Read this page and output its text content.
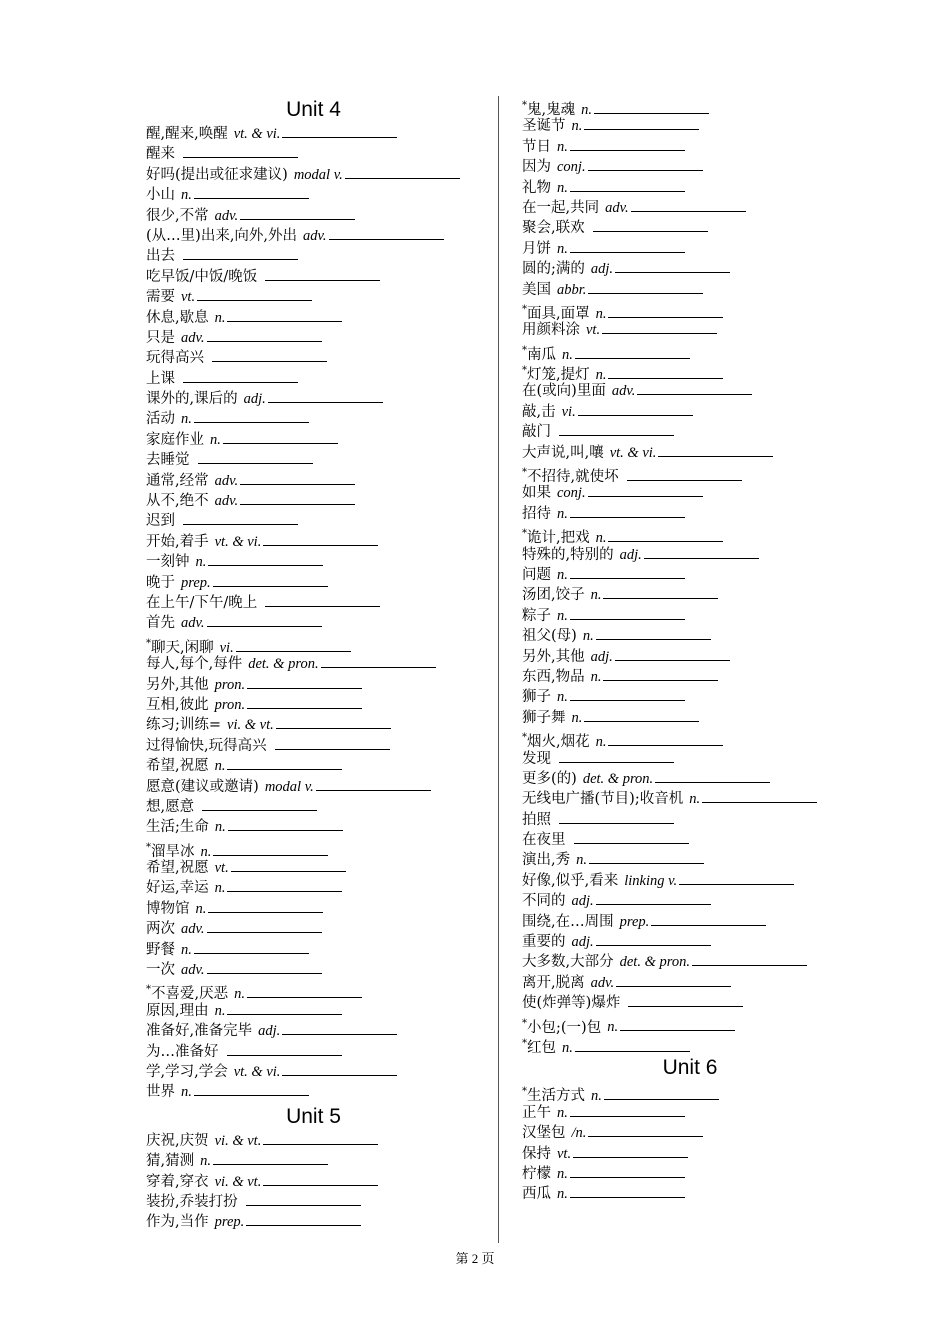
Unit 4
醒,醒来,唤醒 vt. & vi.
醒来
好吗(提出或征求建议) modal v.
小山 n.
很少,不常 adv.
(从…里)出来,向外,外出 adv.
出去
吃早饭/中饭/晚饭
需要 vt.
休息,歇息 n.
只是 adv.
玩得高兴
上课
课外的,课后的 adj.
活动 n.
家庭作业 n.
去睡觉
通常,经常 adv.
从不,绝不 adv.
迟到
开始,着手 vt. & vi.
一刻钟 n.
晚于 prep.
在上午/下午/晚上
首先 adv.
*聊天,闲聊 vi.
每人,每个,每件 det. & pron.
另外,其他 pron.
互相,彼此 pron.
练习;训练= vi. & vt.
过得愉快,玩得高兴
希望,祝愿 n.
愿意(建议或邀请) modal v.
想,愿意
生活;生命 n.
*溜旱冰 n.
希望,祝愿 vt.
好运,幸运 n.
博物馆 n.
两次 adv.
野餐 n.
一次 adv.
*不喜爱,厌恶 n.
原因,理由 n.
准备好,准备完毕 adj.
为…准备好
学,学习,学会 vt. & vi.
世界 n.
Unit 5
庆祝,庆贺 vi. & vt.
猜,猜测 n.
穿着,穿衣 vi. & vt.
装扮,乔装打扮
作为,当作 prep.
*鬼,鬼魂 n.
圣诞节 n.
节日 n.
因为 conj.
礼物 n.
在一起,共同 adv.
聚会,联欢
月饼 n.
圆的;满的 adj.
美国 abbr.
*面具,面罩 n.
用颜料涂 vt.
*南瓜 n.
*灯笼,提灯 n.
在(或向)里面 adv.
敲,击 vi.
敲门
大声说,叫,嚷 vt. & vi.
*不招待,就使坏
如果 conj.
招待 n.
*诡计,把戏 n.
特殊的,特别的 adj.
问题 n.
汤团,饺子 n.
粽子 n.
祖父(母) n.
另外,其他 adj.
东西,物品 n.
狮子 n.
狮子舞 n.
*烟火,烟花 n.
发现
更多(的) det. & pron.
无线电广播(节目);收音机 n.
拍照
在夜里
演出,秀 n.
好像,似乎,看来 linking v.
不同的 adj.
围绕,在…周围 prep.
重要的 adj.
大多数,大部分 det. & pron.
离开,脱离 adv.
使(炸弹等)爆炸
*小包;(一)包 n.
*红包 n.
Unit 6
*生活方式 n.
正午 n.
汉堡包 /n.
保持 vt.
柠檬 n.
西瓜 n.
第 2 页
